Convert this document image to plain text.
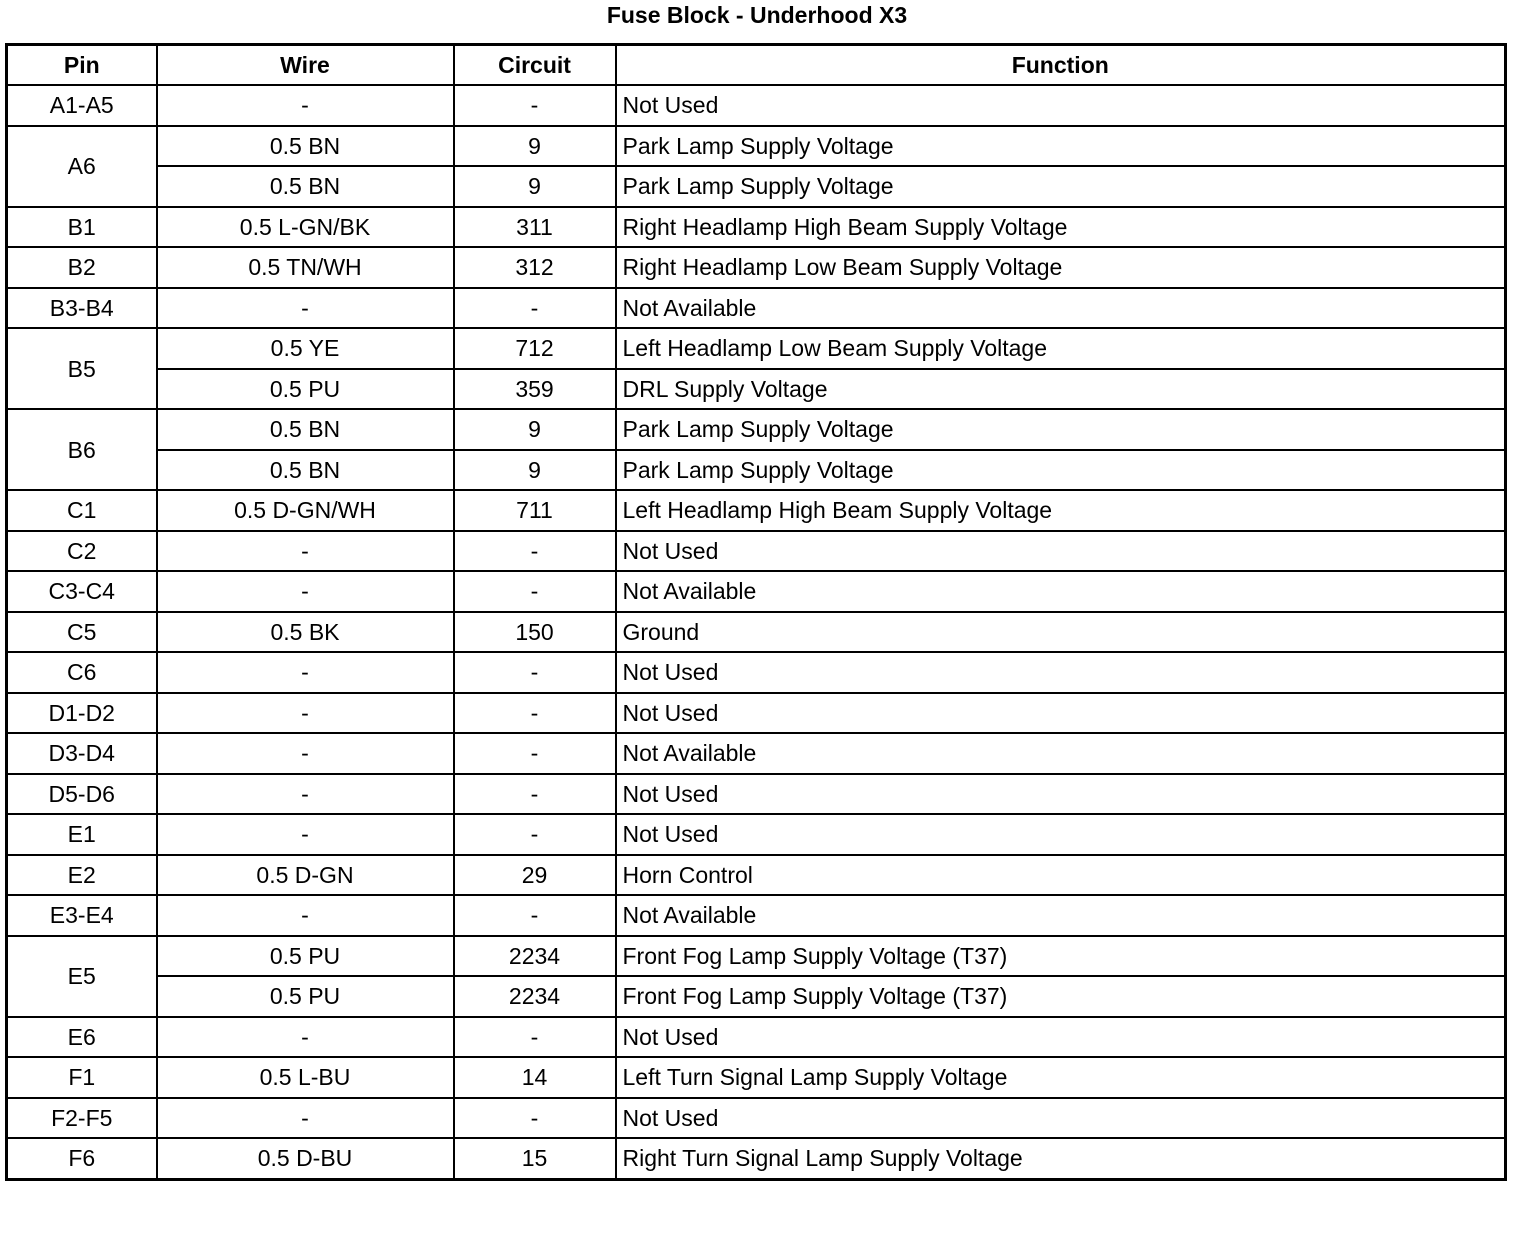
Fuse Block - Underhood X3
Pin	Wire	Circuit	Function
A1-A5	-	-	Not Used
A6	0.5 BN	9	Park Lamp Supply Voltage
	0.5 BN	9	Park Lamp Supply Voltage
B1	0.5 L-GN/BK	311	Right Headlamp High Beam Supply Voltage
B2	0.5 TN/WH	312	Right Headlamp Low Beam Supply Voltage
B3-B4	-	-	Not Available
B5	0.5 YE	712	Left Headlamp Low Beam Supply Voltage
	0.5 PU	359	DRL Supply Voltage
B6	0.5 BN	9	Park Lamp Supply Voltage
	0.5 BN	9	Park Lamp Supply Voltage
C1	0.5 D-GN/WH	711	Left Headlamp High Beam Supply Voltage
C2	-	-	Not Used
C3-C4	-	-	Not Available
C5	0.5 BK	150	Ground
C6	-	-	Not Used
D1-D2	-	-	Not Used
D3-D4	-	-	Not Available
D5-D6	-	-	Not Used
E1	-	-	Not Used
E2	0.5 D-GN	29	Horn Control
E3-E4	-	-	Not Available
E5	0.5 PU	2234	Front Fog Lamp Supply Voltage (T37)
	0.5 PU	2234	Front Fog Lamp Supply Voltage (T37)
E6	-	-	Not Used
F1	0.5 L-BU	14	Left Turn Signal Lamp Supply Voltage
F2-F5	-	-	Not Used
F6	0.5 D-BU	15	Right Turn Signal Lamp Supply Voltage
